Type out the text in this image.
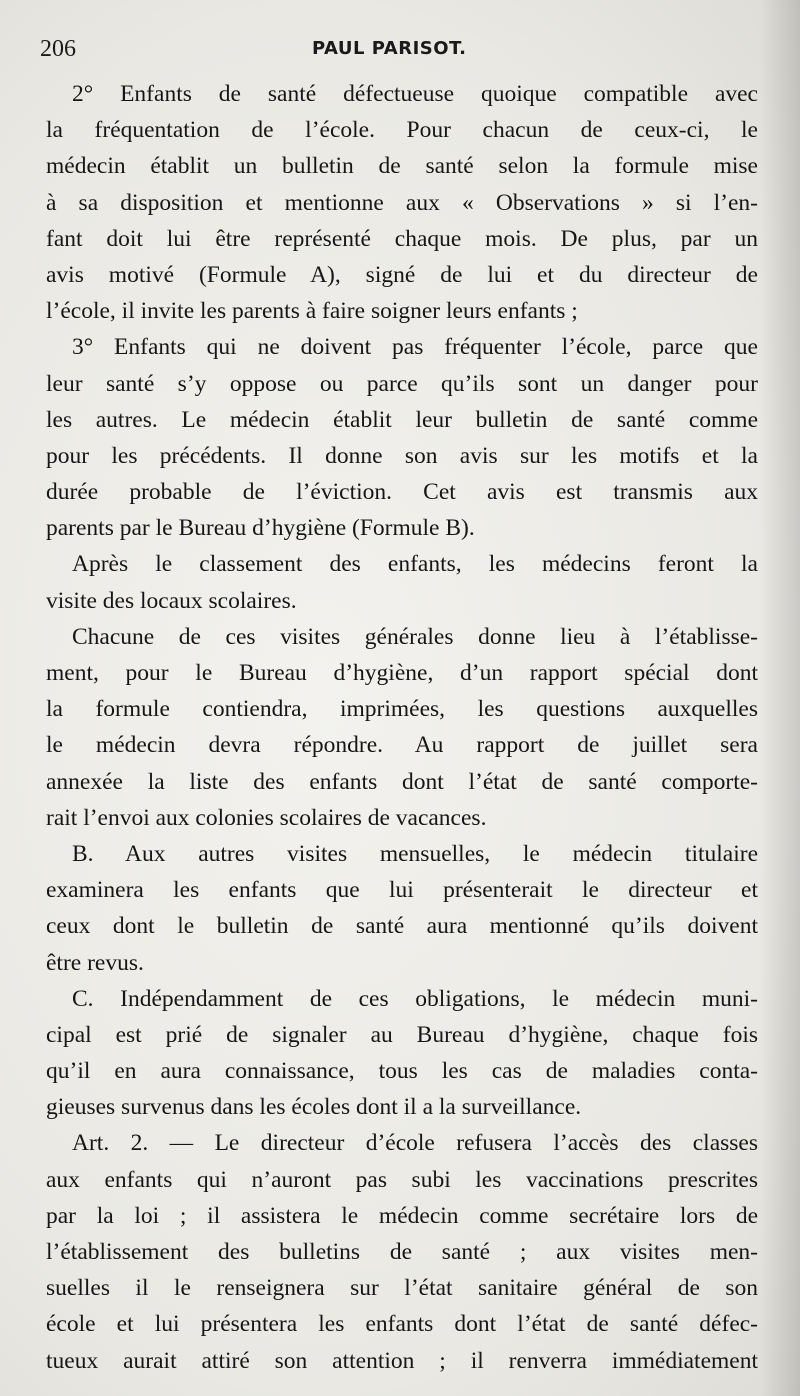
206	PAUL PARISOT.
2° Enfants de santé défectueuse quoique compatible avec
la fréquentation de l’école. Pour chacun de ceux-ci, le
médecin établit un bulletin de santé selon la formule mise
à sa disposition et mentionne aux « Observations » si l’en-
fant doit lui être représenté chaque mois. De plus, par un
avis motivé (Formule A), signé de lui et du directeur de
l’école, il invite les parents à faire soigner leurs enfants ;
3° Enfants qui ne doivent pas fréquenter l’école, parce que
leur santé s’y oppose ou parce qu’ils sont un danger pour
les autres. Le médecin établit leur bulletin de santé comme
pour les précédents. Il donne son avis sur les motifs et la
durée probable de l’éviction. Cet avis est transmis aux
parents par le Bureau d’hygiène (Formule B).
Après le classement des enfants, les médecins feront la
visite des locaux scolaires.
Chacune de ces visites générales donne lieu à l’établisse-
ment, pour le Bureau d’hygiène, d’un rapport spécial dont
la formule contiendra, imprimées, les questions auxquelles
le médecin devra répondre. Au rapport de juillet sera
annexée la liste des enfants dont l’état de santé comporte-
rait l’envoi aux colonies scolaires de vacances.
B. Aux autres visites mensuelles, le médecin titulaire
examinera les enfants que lui présenterait le directeur et
ceux dont le bulletin de santé aura mentionné qu’ils doivent
être revus.
C. Indépendamment de ces obligations, le médecin muni-
cipal est prié de signaler au Bureau d’hygiène, chaque fois
qu’il en aura connaissance, tous les cas de maladies conta-
gieuses survenus dans les écoles dont il a la surveillance.
Art. 2. — Le directeur d’école refusera l’accès des classes
aux enfants qui n’auront pas subi les vaccinations prescrites
par la loi ; il assistera le médecin comme secrétaire lors de
l’établissement des bulletins de santé ; aux visites men-
suelles il le renseignera sur l’état sanitaire général de son
école et lui présentera les enfants dont l’état de santé défec-
tueux aurait attiré son attention ; il renverra immédiatement
